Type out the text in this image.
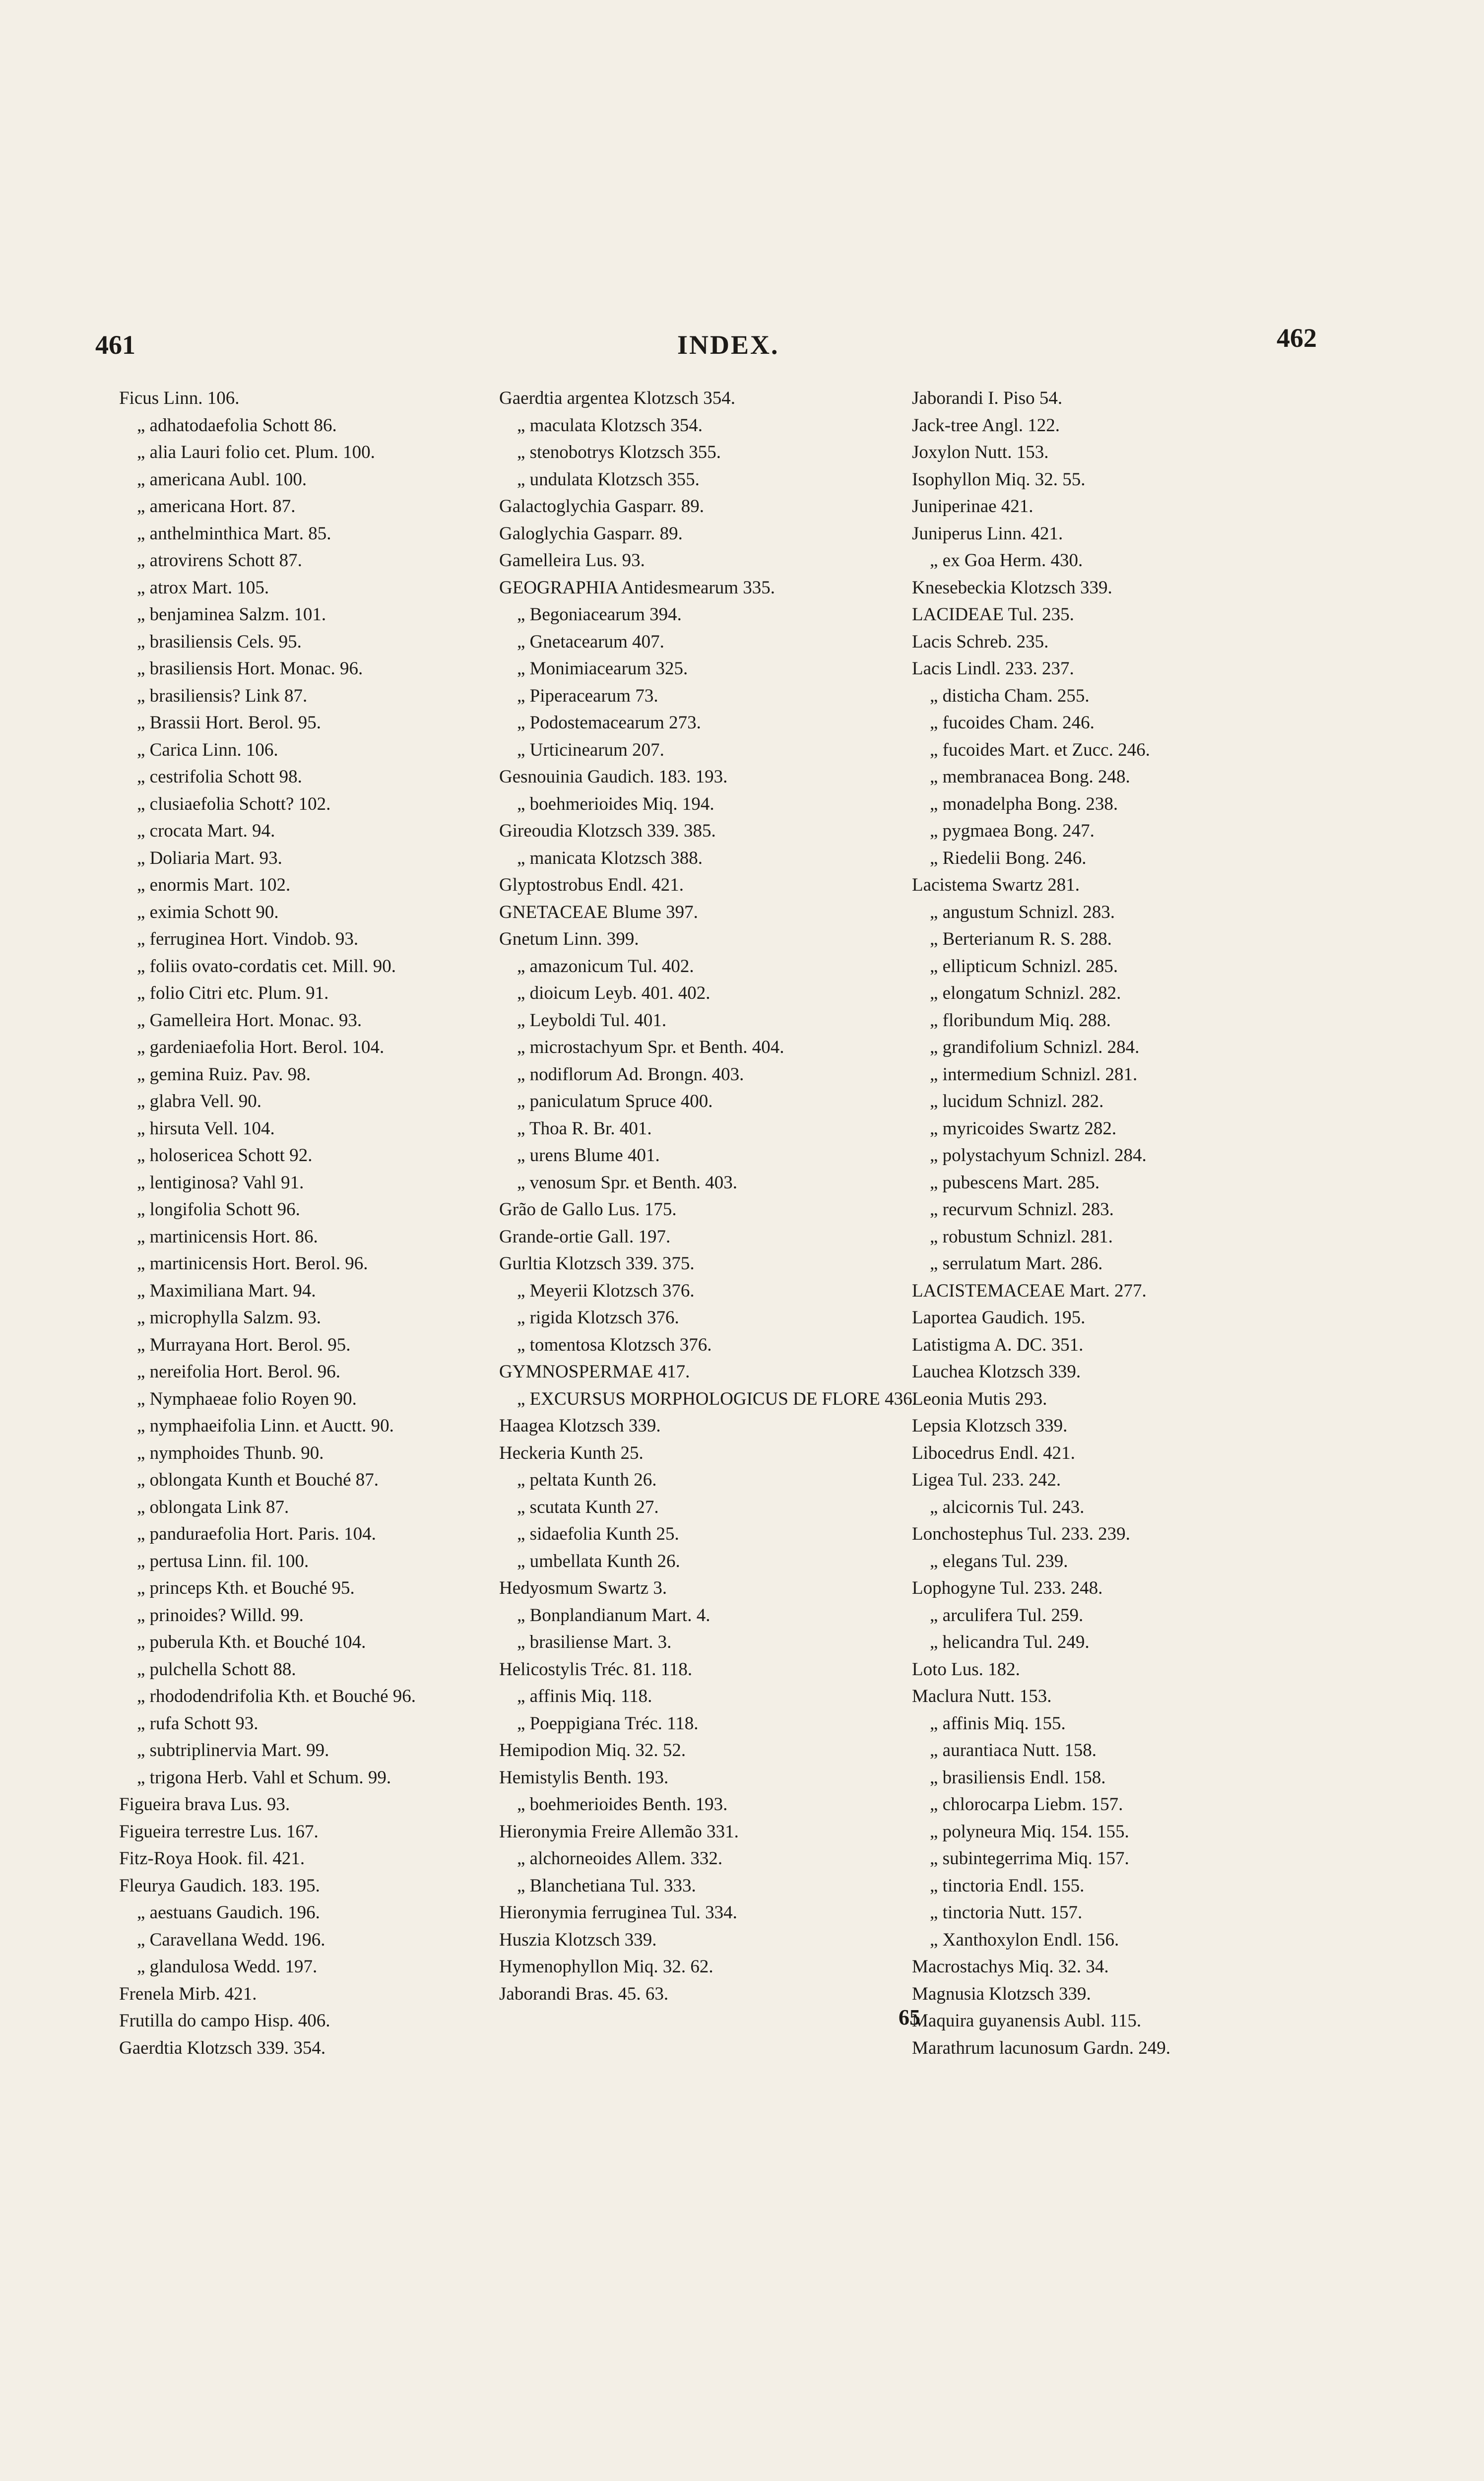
461	INDEX.	462
Ficus Linn. 106.
„ adhatodaefolia Schott 86.
„ alia Lauri folio cet. Plum. 100.
„ americana Aubl. 100.
„ americana Hort. 87.
„ anthelminthica Mart. 85.
„ atrovirens Schott 87.
„ atrox Mart. 105.
„ benjaminea Salzm. 101.
„ brasiliensis Cels. 95.
„ brasiliensis Hort. Monac. 96.
„ brasiliensis? Link 87.
„ Brassii Hort. Berol. 95.
„ Carica Linn. 106.
„ cestrifolia Schott 98.
„ clusiaefolia Schott? 102.
„ crocata Mart. 94.
„ Doliaria Mart. 93.
„ enormis Mart. 102.
„ eximia Schott 90.
„ ferruginea Hort. Vindob. 93.
„ foliis ovato-cordatis cet. Mill. 90.
„ folio Citri etc. Plum. 91.
„ Gamelleira Hort. Monac. 93.
„ gardeniaefolia Hort. Berol. 104.
„ gemina Ruiz. Pav. 98.
„ glabra Vell. 90.
„ hirsuta Vell. 104.
„ holosericea Schott 92.
„ lentiginosa? Vahl 91.
„ longifolia Schott 96.
„ martinicensis Hort. 86.
„ martinicensis Hort. Berol. 96.
„ Maximiliana Mart. 94.
„ microphylla Salzm. 93.
„ Murrayana Hort. Berol. 95.
„ nereifolia Hort. Berol. 96.
„ Nymphaeae folio Royen 90.
„ nymphaeifolia Linn. et Auctt. 90.
„ nymphoides Thunb. 90.
„ oblongata Kunth et Bouché 87.
„ oblongata Link 87.
„ panduraefolia Hort. Paris. 104.
„ pertusa Linn. fil. 100.
„ princeps Kth. et Bouché 95.
„ prinoides? Willd. 99.
„ puberula Kth. et Bouché 104.
„ pulchella Schott 88.
„ rhododendrifolia Kth. et Bouché 96.
„ rufa Schott 93.
„ subtriplinervia Mart. 99.
„ trigona Herb. Vahl et Schum. 99.
Figueira brava Lus. 93.
Figueira terrestre Lus. 167.
Fitz-Roya Hook. fil. 421.
Fleurya Gaudich. 183. 195.
„ aestuans Gaudich. 196.
„ Caravellana Wedd. 196.
„ glandulosa Wedd. 197.
Frenela Mirb. 421.
Frutilla do campo Hisp. 406.
Gaerdtia Klotzsch 339. 354.
Gaerdtia argentea Klotzsch 354.
„ maculata Klotzsch 354.
„ stenobotrys Klotzsch 355.
„ undulata Klotzsch 355.
Galactoglychia Gasparr. 89.
Galoglychia Gasparr. 89.
Gamelleira Lus. 93.
GEOGRAPHIA Antidesmearum 335.
„ Begoniacearum 394.
„ Gnetacearum 407.
„ Monimiacearum 325.
„ Piperacearum 73.
„ Podostemacearum 273.
„ Urticinearum 207.
Gesnouinia Gaudich. 183. 193.
„ boehmerioides Miq. 194.
Gireoudia Klotzsch 339. 385.
„ manicata Klotzsch 388.
Glyptostrobus Endl. 421.
GNETACEAE Blume 397.
Gnetum Linn. 399.
„ amazonicum Tul. 402.
„ dioicum Leyb. 401. 402.
„ Leyboldi Tul. 401.
„ microstachyum Spr. et Benth. 404.
„ nodiflorum Ad. Brongn. 403.
„ paniculatum Spruce 400.
„ Thoa R. Br. 401.
„ urens Blume 401.
„ venosum Spr. et Benth. 403.
Grão de Gallo Lus. 175.
Grande-ortie Gall. 197.
Gurltia Klotzsch 339. 375.
„ Meyerii Klotzsch 376.
„ rigida Klotzsch 376.
„ tomentosa Klotzsch 376.
GYMNOSPERMAE 417.
„ EXCURSUS MORPHOLOGICUS DE FLORE 436.
Haagea Klotzsch 339.
Heckeria Kunth 25.
„ peltata Kunth 26.
„ scutata Kunth 27.
„ sidaefolia Kunth 25.
„ umbellata Kunth 26.
Hedyosmum Swartz 3.
„ Bonplandianum Mart. 4.
„ brasiliense Mart. 3.
Helicostylis Tréc. 81. 118.
„ affinis Miq. 118.
„ Poeppigiana Tréc. 118.
Hemipodion Miq. 32. 52.
Hemistylis Benth. 193.
„ boehmerioides Benth. 193.
Hieronymia Freire Allemão 331.
„ alchorneoides Allem. 332.
„ Blanchetiana Tul. 333.
Hieronymia ferruginea Tul. 334.
Huszia Klotzsch 339.
Hymenophyllon Miq. 32. 62.
Jaborandi Bras. 45. 63.
Jaborandi I. Piso 54.
Jack-tree Angl. 122.
Joxylon Nutt. 153.
Isophyllon Miq. 32. 55.
Juniperinae 421.
Juniperus Linn. 421.
„ ex Goa Herm. 430.
Knesebeckia Klotzsch 339.
LACIDEAE Tul. 235.
Lacis Schreb. 235.
Lacis Lindl. 233. 237.
„ disticha Cham. 255.
„ fucoides Cham. 246.
„ fucoides Mart. et Zucc. 246.
„ membranacea Bong. 248.
„ monadelpha Bong. 238.
„ pygmaea Bong. 247.
„ Riedelii Bong. 246.
Lacistema Swartz 281.
„ angustum Schnizl. 283.
„ Berterianum R. S. 288.
„ ellipticum Schnizl. 285.
„ elongatum Schnizl. 282.
„ floribundum Miq. 288.
„ grandifolium Schnizl. 284.
„ intermedium Schnizl. 281.
„ lucidum Schnizl. 282.
„ myricoides Swartz 282.
„ polystachyum Schnizl. 284.
„ pubescens Mart. 285.
„ recurvum Schnizl. 283.
„ robustum Schnizl. 281.
„ serrulatum Mart. 286.
LACISTEMACEAE Mart. 277.
Laportea Gaudich. 195.
Latistigma A. DC. 351.
Lauchea Klotzsch 339.
Leonia Mutis 293.
Lepsia Klotzsch 339.
Libocedrus Endl. 421.
Ligea Tul. 233. 242.
„ alcicornis Tul. 243.
Lonchostephus Tul. 233. 239.
„ elegans Tul. 239.
Lophogyne Tul. 233. 248.
„ arculifera Tul. 259.
„ helicandra Tul. 249.
Loto Lus. 182.
Maclura Nutt. 153.
„ affinis Miq. 155.
„ aurantiaca Nutt. 158.
„ brasiliensis Endl. 158.
„ chlorocarpa Liebm. 157.
„ polyneura Miq. 154. 155.
„ subintegerrima Miq. 157.
„ tinctoria Endl. 155.
„ tinctoria Nutt. 157.
„ Xanthoxylon Endl. 156.
Macrostachys Miq. 32. 34.
Magnusia Klotzsch 339.
Maquira guyanensis Aubl. 115.
Marathrum lacunosum Gardn. 249.
65
